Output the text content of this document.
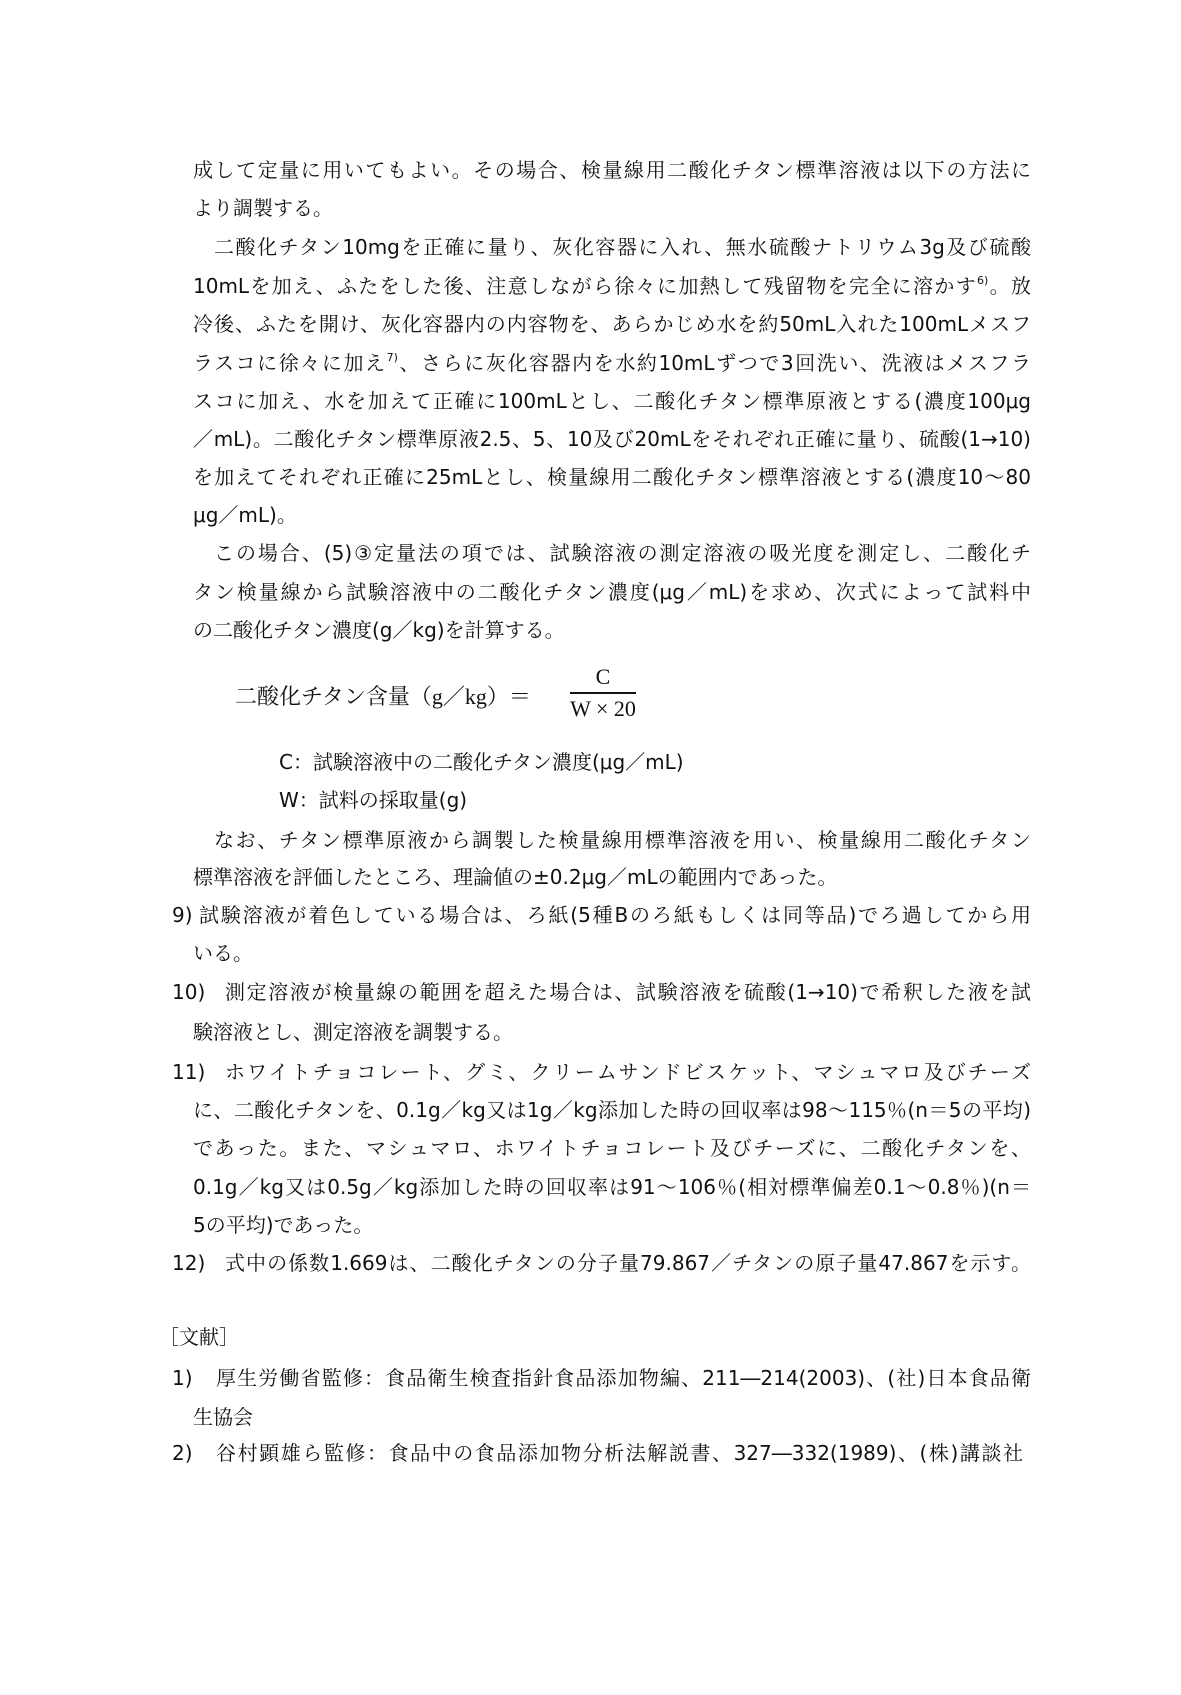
成して定量に用いてもよい。その場合、検量線用二酸化チタン標準溶液は以下の方法に
より調製する。
二酸化チタン10mgを正確に量り、灰化容器に入れ、無水硫酸ナトリウム3g及び硫酸
10mLを加え、ふたをした後、注意しながら徐々に加熱して残留物を完全に溶かす$^{6)}$。放
冷後、ふたを開け、灰化容器内の内容物を、あらかじめ水を約50mL入れた100mLメスフ
ラスコに徐々に加え$^{7)}$、さらに灰化容器内を水約10mLずつで3回洗い、洗液はメスフラ
スコに加え、水を加えて正確に100mLとし、二酸化チタン標準原液とする(濃度100μg
／mL)。二酸化チタン標準原液2.5、5、10及び20mLをそれぞれ正確に量り、硫酸(1→10)
を加えてそれぞれ正確に25mLとし、検量線用二酸化チタン標準溶液とする(濃度10～80
μg／mL)。
この場合、(5)③定量法の項では、試験溶液の測定溶液の吸光度を測定し、二酸化チ
タン検量線から試験溶液中の二酸化チタン濃度(μg／mL)を求め、次式によって試料中
の二酸化チタン濃度(g／kg)を計算する。
二酸化チタン含量（g／kg）＝
C
W × 20
C：試験溶液中の二酸化チタン濃度(μg／mL)
W：試料の採取量(g)
なお、チタン標準原液から調製した検量線用標準溶液を用い、検量線用二酸化チタン
標準溶液を評価したところ、理論値の±0.2μg／mLの範囲内であった。
9) 試験溶液が着色している場合は、ろ紙(5種Bのろ紙もしくは同等品)でろ過してから用
いる。
10) 測定溶液が検量線の範囲を超えた場合は、試験溶液を硫酸(1→10)で希釈した液を試
験溶液とし、測定溶液を調製する。
11) ホワイトチョコレート、グミ、クリームサンドビスケット、マシュマロ及びチーズ
に、二酸化チタンを、0.1g／kg又は1g／kg添加した時の回収率は98～115％(n＝5の平均)
であった。また、マシュマロ、ホワイトチョコレート及びチーズに、二酸化チタンを、
0.1g／kg又は0.5g／kg添加した時の回収率は91～106％(相対標準偏差0.1～0.8％)(n＝
5の平均)であった。
12) 式中の係数1.669は、二酸化チタンの分子量79.867／チタンの原子量47.867を示す。
［文献］
1) 厚生労働省監修：食品衛生検査指針食品添加物編、211―214(2003)、(社)日本食品衛
生協会
2) 谷村顕雄ら監修：食品中の食品添加物分析法解説書、327―332(1989)、(株)講談社
